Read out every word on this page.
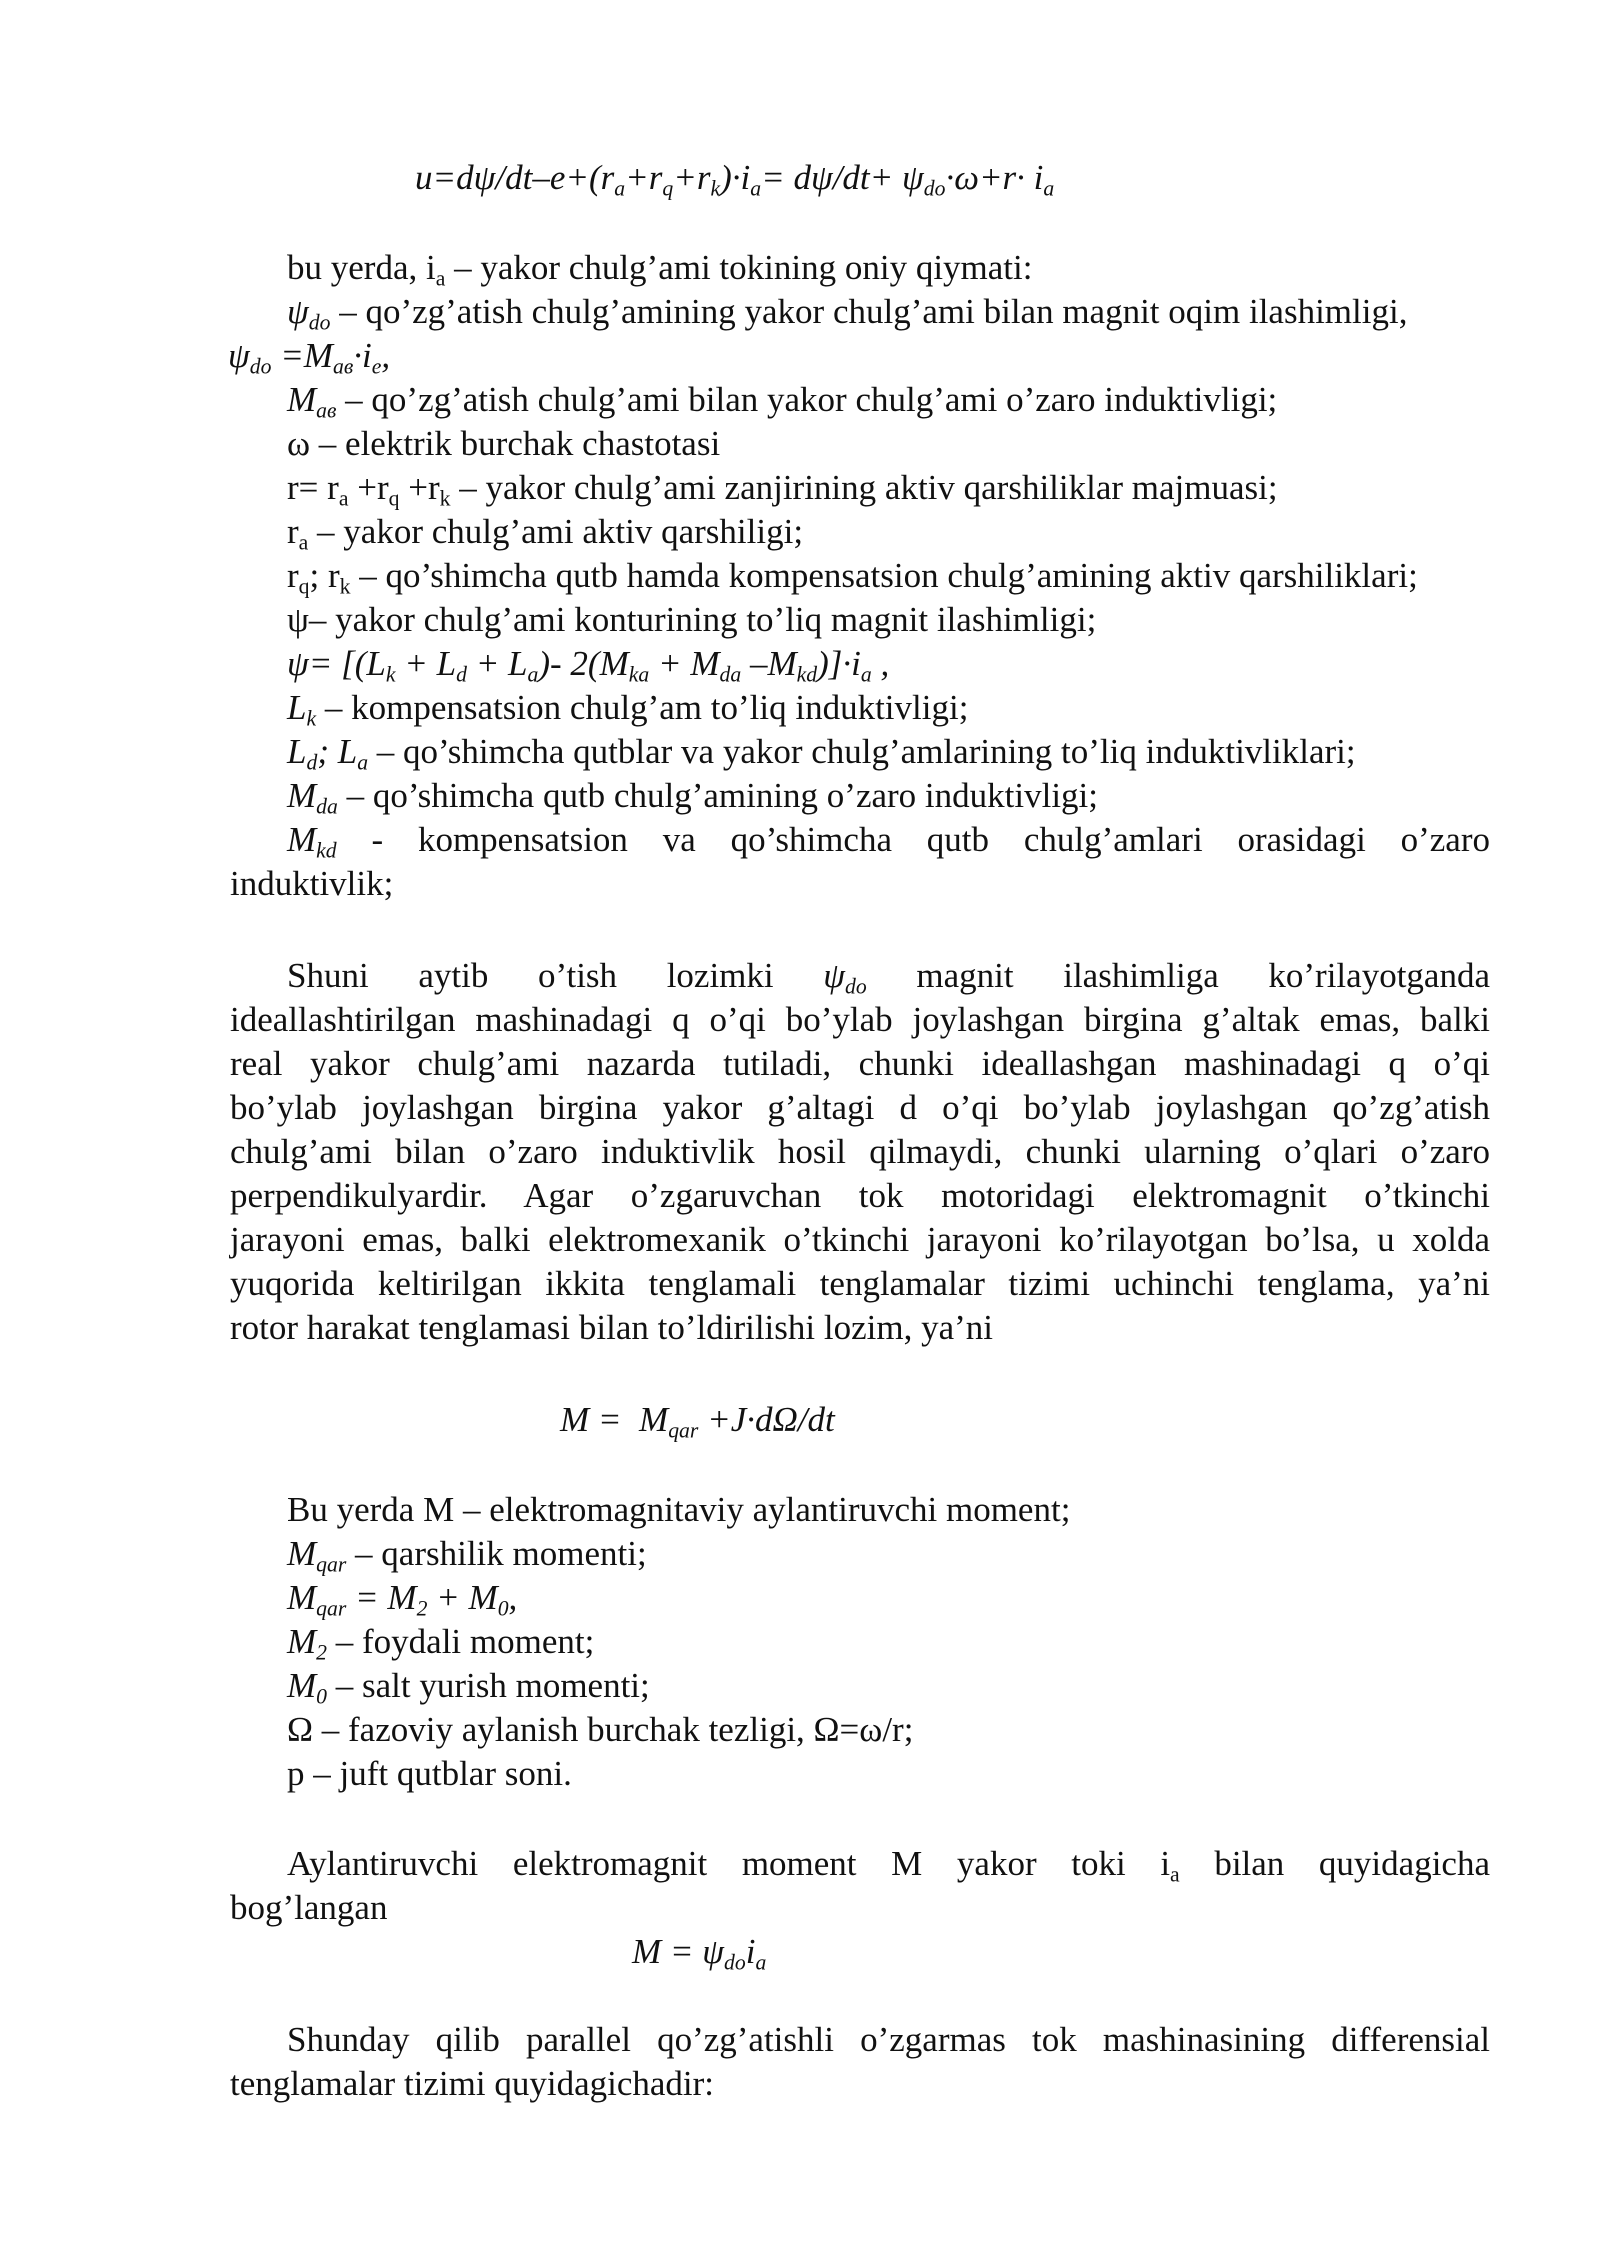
$u=d\psi/dt-e+(r_a+r_q+r_k)\cdot i_a= d\psi/dt+ \psi_{do}\cdot\omega+r\cdot i_a$
bu yerda, $i_a$ – yakor chulg’ami tokining oniy qiymati:
$\psi_{do}$ – qo’zg’atish chulg’amining yakor chulg’ami bilan magnit oqim ilashimligi,
$\psi_{do} =M_{aв}\cdot i_e$,
$M_{aв}$ – qo’zg’atish chulg’ami bilan yakor chulg’ami o’zaro induktivligi;
ω – elektrik burchak chastotasi
$r= r_a +r_q +r_k$ – yakor chulg’ami zanjirining aktiv qarshiliklar majmuasi;
$r_a$ – yakor chulg’ami aktiv qarshiligi;
$r_q$; $r_k$ – qo’shimcha qutb hamda kompensatsion chulg’amining aktiv qarshiliklari;
ψ– yakor chulg’ami konturining to’liq magnit ilashimligi;
$\psi= [(L_k + L_d + L_a)-$ $2(M_{ka} + M_{da}$ $-M_{kd})]\cdot i_a$ ,
$L_k$ – kompensatsion chulg’am to’liq induktivligi;
$L_d$; $L_a$ – qo’shimcha qutblar va yakor chulg’amlarining to’liq induktivliklari;
$M_{da}$ – qo’shimcha qutb chulg’amining o’zaro induktivligi;
$M_{kd}$ - kompensatsion va qo’shimcha qutb chulg’amlari orasidagi o’zaro
induktivlik;
Shuni aytib o’tish lozimki $\psi_{do}$ magnit ilashimliga ko’rilayotganda
ideallashtirilgan mashinadagi q o’qi bo’ylab joylashgan birgina g’altak emas, balki
real yakor chulg’ami nazarda tutiladi, chunki ideallashgan mashinadagi q o’qi
bo’ylab joylashgan birgina yakor g’altagi d o’qi bo’ylab joylashgan qo’zg’atish
chulg’ami bilan o’zaro induktivlik hosil qilmaydi, chunki ularning o’qlari o’zaro
perpendikulyardir. Agar o’zgaruvchan tok motoridagi elektromagnit o’tkinchi
jarayoni emas, balki elektromexanik o’tkinchi jarayoni ko’rilayotgan bo’lsa, u xolda
yuqorida keltirilgan ikkita tenglamali tenglamalar tizimi uchinchi tenglama, ya’ni
rotor harakat tenglamasi bilan to’ldirilishi lozim, ya’ni
$M = M_{qar} +J\cdot d\Omega/dt$
Bu yerda M – elektromagnitaviy aylantiruvchi moment;
$M_{qar}$ – qarshilik momenti;
$M_{qar} = M_2 + M_0$,
$M_2$ – foydali moment;
$M_0$ – salt yurish momenti;
Ω – fazoviy aylanish burchak tezligi, Ω=ω/r;
p – juft qutblar soni.
Aylantiruvchi elektromagnit moment M yakor toki $i_a$ bilan quyidagicha
bog’langan
$M = \psi_{do}i_a$
Shunday qilib parallel qo’zg’atishli o’zgarmas tok mashinasining differensial
tenglamalar tizimi quyidagichadir:
